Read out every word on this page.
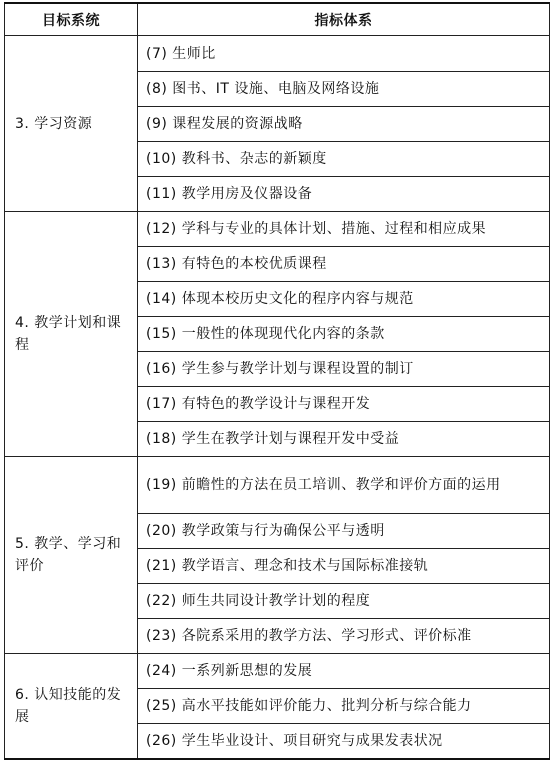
目标系统	指标体系
3. 学习资源	(7) 生师比
	(8) 图书、IT 设施、电脑及网络设施
	(9) 课程发展的资源战略
	(10) 教科书、杂志的新颖度
	(11) 教学用房及仪器设备
4. 教学计划和课程	(12) 学科与专业的具体计划、措施、过程和相应成果
	(13) 有特色的本校优质课程
	(14) 体现本校历史文化的程序内容与规范
	(15) 一般性的体现现代化内容的条款
	(16) 学生参与教学计划与课程设置的制订
	(17) 有特色的教学设计与课程开发
	(18) 学生在教学计划与课程开发中受益
5. 教学、学习和评价	(19) 前瞻性的方法在员工培训、教学和评价方面的运用
	(20) 教学政策与行为确保公平与透明
	(21) 教学语言、理念和技术与国际标准接轨
	(22) 师生共同设计教学计划的程度
	(23) 各院系采用的教学方法、学习形式、评价标准
6. 认知技能的发展	(24) 一系列新思想的发展
	(25) 高水平技能如评价能力、批判分析与综合能力
	(26) 学生毕业设计、项目研究与成果发表状况
